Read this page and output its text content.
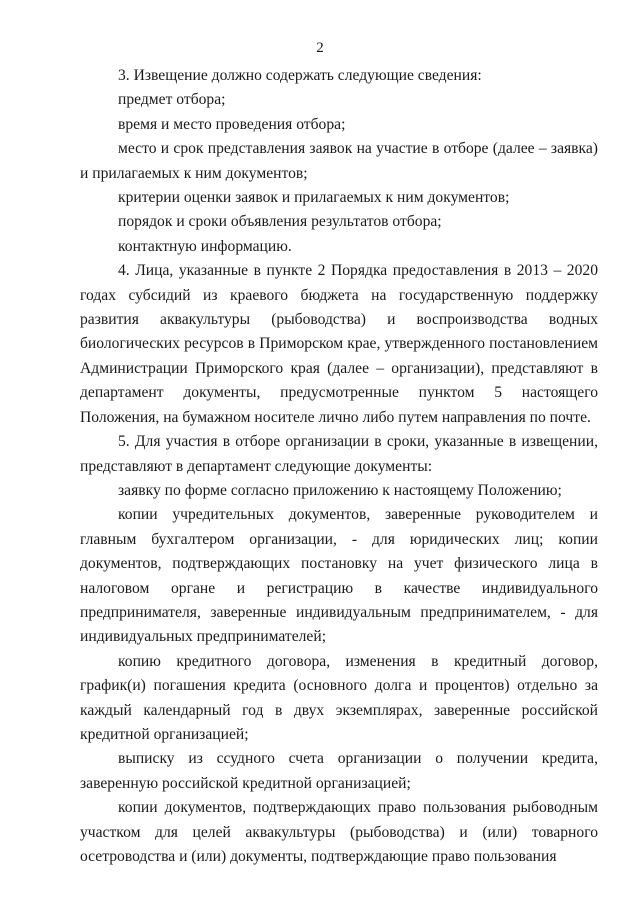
2

3. Извещение должно содержать следующие сведения:

предмет отбора;

время и место проведения отбора;

место и срок представления заявок на участие в отборе (далее – заявка) и прилагаемых к ним документов;

критерии оценки заявок и прилагаемых к ним документов;

порядок и сроки объявления результатов отбора;

контактную информацию.

4. Лица, указанные в пункте 2 Порядка предоставления в 2013 – 2020 годах субсидий из краевого бюджета на государственную поддержку развития аквакультуры (рыбоводства) и воспроизводства водных биологических ресурсов в Приморском крае, утвержденного постановлением Администрации Приморского края (далее – организации), представляют в департамент документы, предусмотренные пунктом 5 настоящего Положения, на бумажном носителе лично либо путем направления по почте.

5. Для участия в отборе организации в сроки, указанные в извещении, представляют в департамент следующие документы:

заявку по форме согласно приложению к настоящему Положению;

копии учредительных документов, заверенные руководителем и главным бухгалтером организации, - для юридических лиц; копии документов, подтверждающих постановку на учет физического лица в налоговом органе и регистрацию в качестве индивидуального предпринимателя, заверенные индивидуальным предпринимателем, - для индивидуальных предпринимателей;

копию кредитного договора, изменения в кредитный договор, график(и) погашения кредита (основного долга и процентов) отдельно за каждый календарный год в двух экземплярах, заверенные российской кредитной организацией;

выписку из ссудного счета организации о получении кредита, заверенную российской кредитной организацией;

копии документов, подтверждающих право пользования рыбоводным участком для целей аквакультуры (рыбоводства) и (или) товарного осетроводства и (или) документы, подтверждающие право пользования
